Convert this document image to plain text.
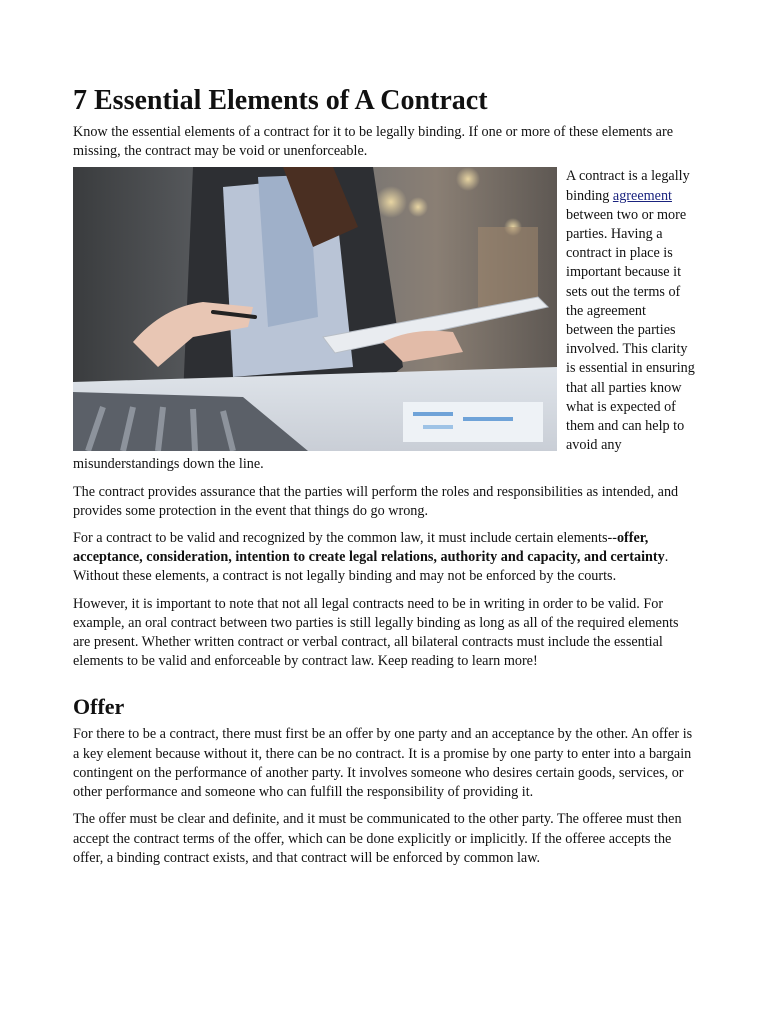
7 Essential Elements of A Contract

Know the essential elements of a contract for it to be legally binding. If one or more of these elements are missing, the contract may be void or unenforceable.

A contract is a legally binding agreement between two or more parties. Having a contract in place is important because it sets out the terms of the agreement between the parties involved. This clarity is essential in ensuring that all parties know what is expected of them and can help to avoid any misunderstandings down the line.

The contract provides assurance that the parties will perform the roles and responsibilities as intended, and provides some protection in the event that things do go wrong.

For a contract to be valid and recognized by the common law, it must include certain elements--offer, acceptance, consideration, intention to create legal relations, authority and capacity, and certainty. Without these elements, a contract is not legally binding and may not be enforced by the courts.

However, it is important to note that not all legal contracts need to be in writing in order to be valid. For example, an oral contract between two parties is still legally binding as long as all of the required elements are present. Whether written contract or verbal contract, all bilateral contracts must include the essential elements to be valid and enforceable by contract law. Keep reading to learn more!

Offer

For there to be a contract, there must first be an offer by one party and an acceptance by the other. An offer is a key element because without it, there can be no contract. It is a promise by one party to enter into a bargain contingent on the performance of another party. It involves someone who desires certain goods, services, or other performance and someone who can fulfill the responsibility of providing it.

The offer must be clear and definite, and it must be communicated to the other party. The offeree must then accept the contract terms of the offer, which can be done explicitly or implicitly. If the offeree accepts the offer, a binding contract exists, and that contract will be enforced by common law.
